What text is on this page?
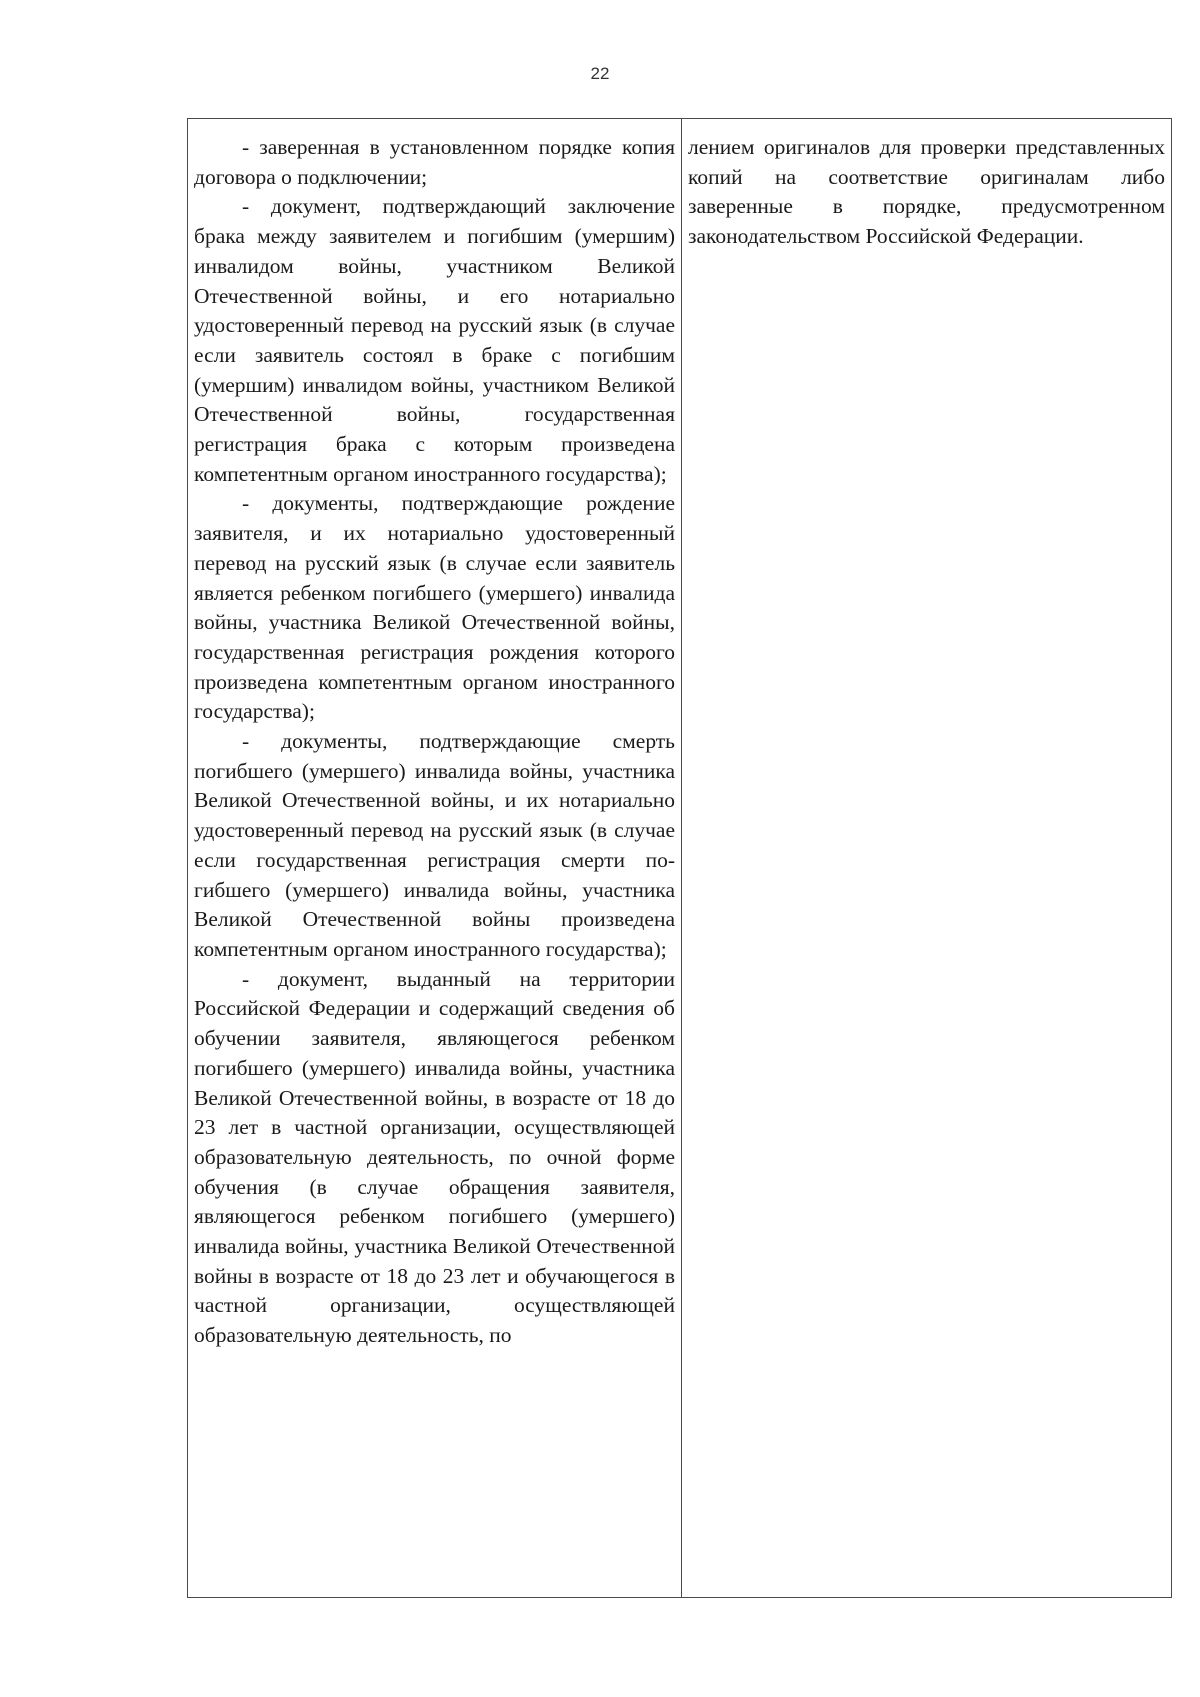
22

- заверенная в установленном порядке копия договора о подключении;

- документ, подтверждающий заключение брака между заявителем и погибшим (умершим) инвалидом войны, участником Великой Отечественной войны, и его нотариально удостоверенный перевод на русский язык (в случае если заявитель состоял в браке с погибшим (умершим) инвалидом войны, участником Великой Отечественной войны, государственная регистрация брака с которым произведена компетентным органом иностранного государства);

- документы, подтверждающие рождение заявителя, и их нотариально удостоверенный перевод на русский язык (в случае если заявитель является ребенком погибшего (умершего) инвалида войны, участника Великой Отечественной войны, государственная регистрация рождения которого произведена компетентным органом иностранного государства);

- документы, подтверждающие смерть погибшего (умершего) инвалида войны, участника Великой Отечественной войны, и их нотариально удостоверенный перевод на русский язык (в случае если государственная регистрация смерти погибшего (умершего) инвалида войны, участника Великой Отечественной войны произведена компетентным органом иностранного государства);

- документ, выданный на территории Российской Федерации и содержащий сведения об обучении заявителя, являющегося ребенком погибшего (умершего) инвалида войны, участника Великой Отечественной войны, в возрасте от 18 до 23 лет в частной организации, осуществляющей образовательную деятельность, по очной форме обучения (в случае обращения заявителя, являющегося ребенком погибшего (умершего) инвалида войны, участника Великой Отечественной войны в возрасте от 18 до 23 лет и обучающегося в частной организации, осуществляющей образовательную деятельность, по

лением оригиналов для проверки представленных копий на соответствие оригиналам либо заверенные в порядке, предусмотренном законодательством Российской Федерации.
